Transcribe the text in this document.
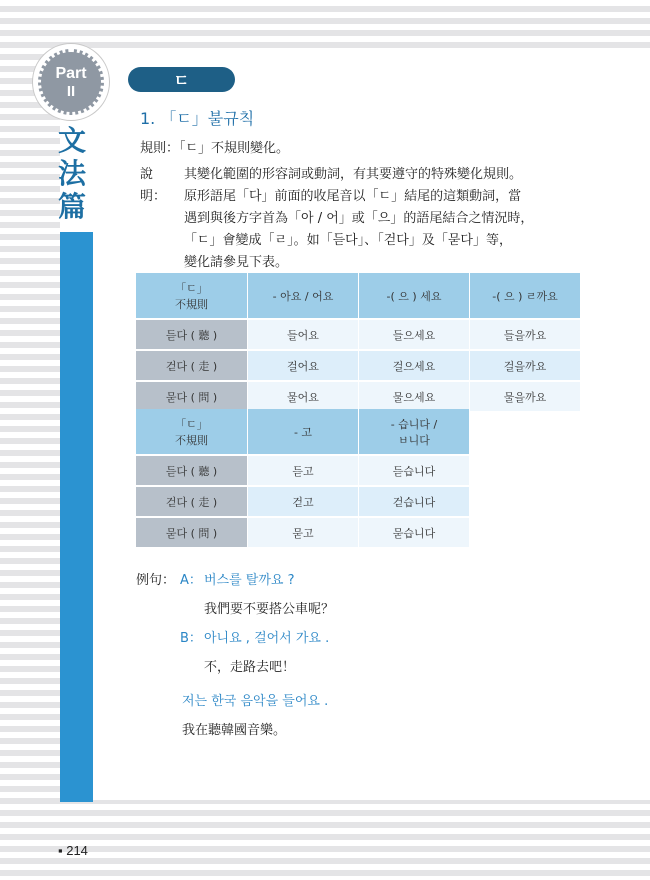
Part
II
文
法
篇
ㄷ
1. 「ㄷ」불규칙
規則：「ㄷ」不規則變化。
說明：
其變化範圍的形容詞或動詞，有其要遵守的特殊變化規則。
原形語尾「다」前面的收尾音以「ㄷ」結尾的這類動詞，當
遇到與後方字首為「아 / 어」或「으」的語尾結合之情況時，
「ㄷ」會變成「ㄹ」。如「듣다」、「걷다」及「묻다」等，
變化請參見下表。
「ㄷ」
不規則	- 아요 / 어요	-( 으 ) 세요	-( 으 ) ㄹ까요
듣다 ( 聽 )	들어요	들으세요	들을까요
걷다 ( 走 )	걸어요	걸으세요	걸을까요
묻다 ( 問 )	물어요	물으세요	물을까요
「ㄷ」
不規則	- 고	- 습니다 /
ㅂ니다
듣다 ( 聽 )	듣고	듣습니다
걷다 ( 走 )	걷고	걷습니다
묻다 ( 問 )	묻고	묻습니다
例句： A： 버스를 탈까요 ?
我們要不要搭公車呢？
B： 아니요 , 걸어서 가요 .
不，走路去吧！
저는 한국 음악을 들어요 .
我在聽韓國音樂。
▪ 214
